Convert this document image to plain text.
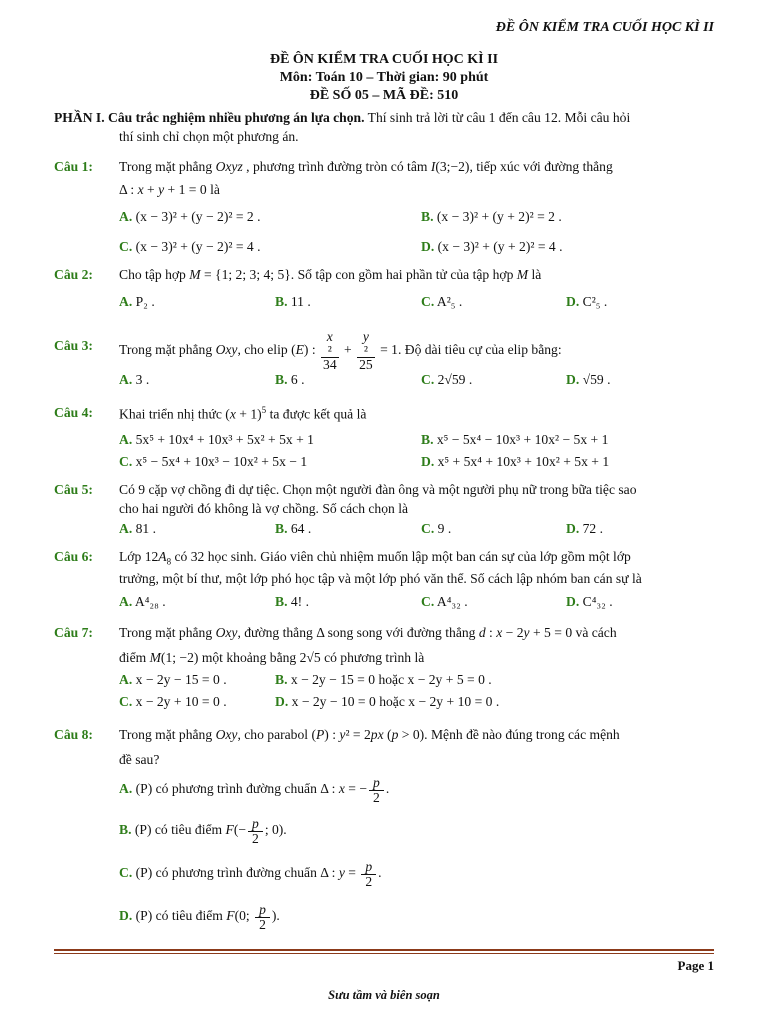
ĐỀ ÔN KIỂM TRA CUỐI HỌC KÌ II
ĐỀ ÔN KIỂM TRA CUỐI HỌC KÌ II
Môn: Toán 10 – Thời gian: 90 phút
ĐỀ SỐ 05 – MÃ ĐỀ: 510
PHẦN I. Câu trắc nghiệm nhiều phương án lựa chọn. Thí sinh trả lời từ câu 1 đến câu 12. Mỗi câu hỏi
thí sinh chỉ chọn một phương án.
Câu 1: Trong mặt phẳng Oxyz , phương trình đường tròn có tâm I(3;−2), tiếp xúc với đường thẳng
Δ : x + y + 1 = 0 là
A. (x − 3)² + (y − 2)² = 2 .	B. (x − 3)² + (y + 2)² = 2 .
C. (x − 3)² + (y − 2)² = 4 .	D. (x − 3)² + (y + 2)² = 4 .
Câu 2: Cho tập hợp M = {1; 2; 3; 4; 5}. Số tập con gồm hai phần tử của tập hợp M là
A. P₂ .	B. 11 .	C. A²₅ .	D. C²₅ .
Câu 3: Trong mặt phẳng Oxy, cho elip (E) : x
²
34 + y
²
25 = 1. Độ dài tiêu cự của elip bằng:
A. 3 .	B. 6 .	C. 2√59 .	D. √59 .
Câu 4: Khai triển nhị thức $(x + 1)^5$ ta được kết quả là
A. 5x⁵ + 10x⁴ + 10x³ + 5x² + 5x + 1	B. x⁵ − 5x⁴ − 10x³ + 10x² − 5x + 1
C. x⁵ − 5x⁴ + 10x³ − 10x² + 5x − 1	D. x⁵ + 5x⁴ + 10x³ + 10x² + 5x + 1
Câu 5: Có 9 cặp vợ chồng đi dự tiệc. Chọn một người đàn ông và một người phụ nữ trong bữa tiệc sao
cho hai người đó không là vợ chồng. Số cách chọn là
A. 81 .	B. 64 .	C. 9 .	D. 72 .
Câu 6: Lớp $12A_8$ có 32 học sinh. Giáo viên chủ nhiệm muốn lập một ban cán sự của lớp gồm một lớp
trưởng, một bí thư, một lớp phó học tập và một lớp phó văn thể. Số cách lập nhóm ban cán sự là
A. A⁴₂₈ .	B. 4! .	C. A⁴₃₂ .	D. C⁴₃₂ .
Câu 7: Trong mặt phẳng Oxy, đường thẳng Δ song song với đường thẳng d : x − 2y + 5 = 0 và cách
điểm M(1; −2) một khoảng bằng 2√5 có phương trình là
A. x − 2y − 15 = 0 .	B. x − 2y − 15 = 0 hoặc x − 2y + 5 = 0 .
C. x − 2y + 10 = 0 .	D. x − 2y − 10 = 0 hoặc x − 2y + 10 = 0 .
Câu 8: Trong mặt phẳng Oxy, cho parabol (P) : y² = 2px (p > 0). Mệnh đề nào đúng trong các mệnh
đề sau?
A. (P) có phương trình đường chuẩn Δ : x = − $\frac{p}{2}$ .
B. (P) có tiêu điểm $F(- \frac{p}{2}$ ; 0).
C. (P) có phương trình đường chuẩn Δ : $y = \frac{p}{2}$ .
D. (P) có tiêu điểm F(0; $\frac{p}{2}$ ).
Page 1
Sưu tầm và biên soạn
